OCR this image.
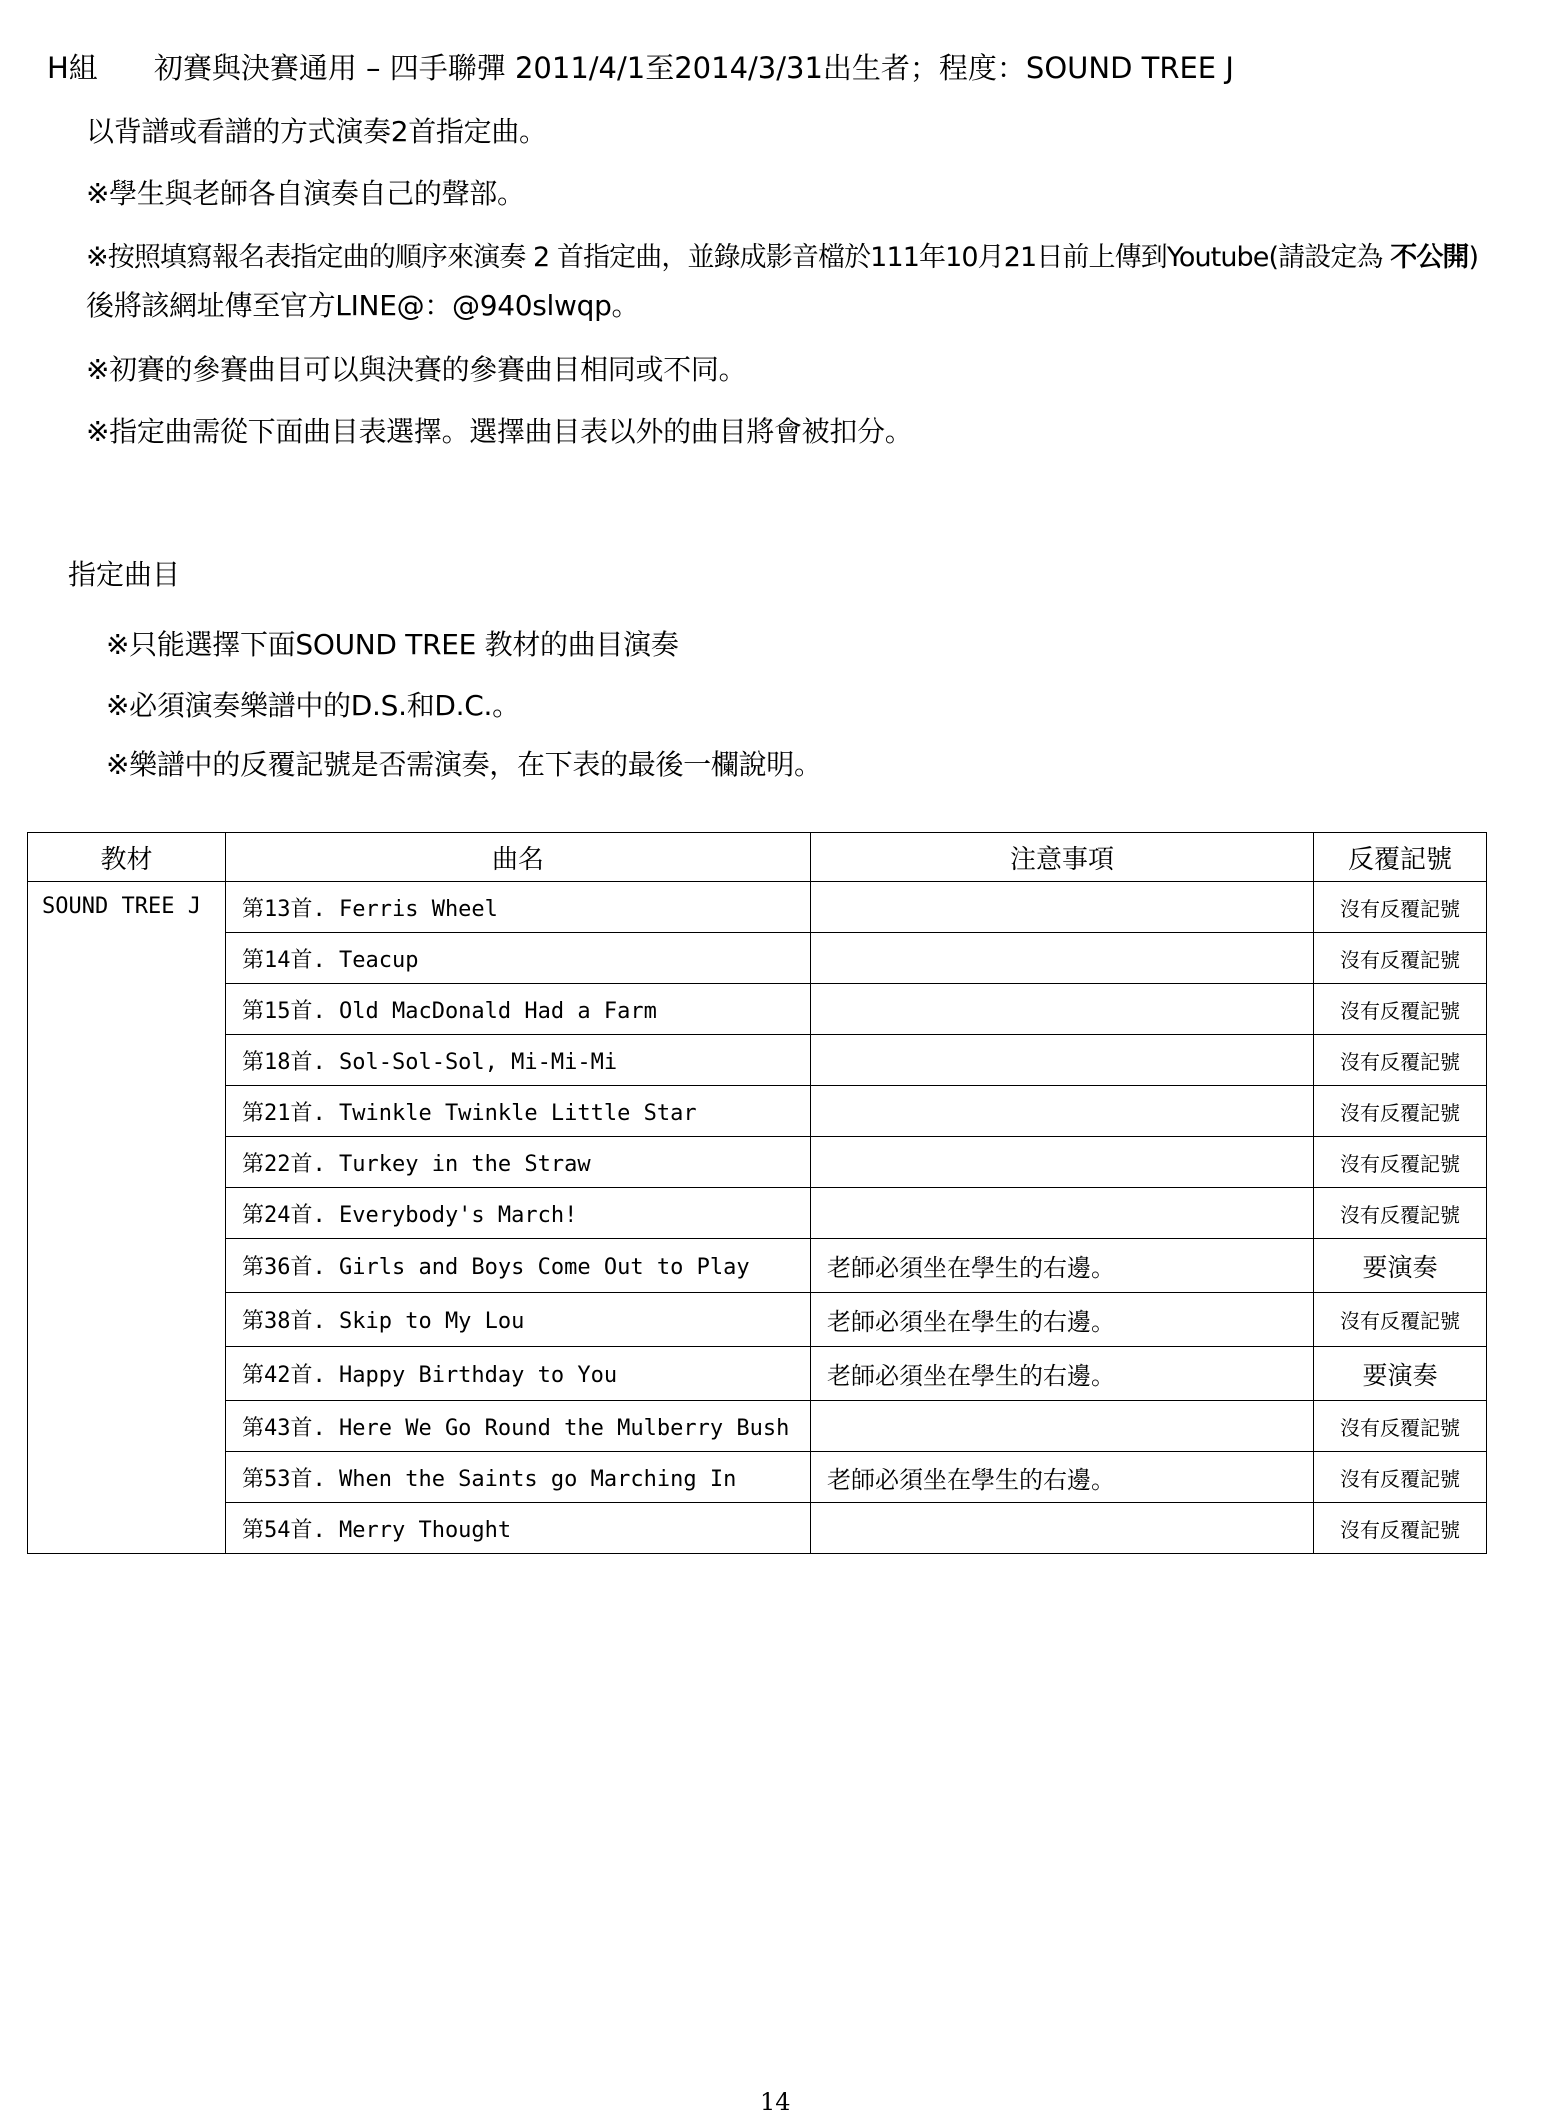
H組 初賽與決賽通用 – 四手聯彈 2011/4/1至2014/3/31出生者；程度：SOUND TREE J
以背譜或看譜的方式演奏2首指定曲。
※學生與老師各自演奏自己的聲部。
※按照填寫報名表指定曲的順序來演奏 2 首指定曲，並錄成影音檔於111年10月21日前上傳到Youtube(請設定為 不公開)
後將該網址傳至官方LINE@：@940slwqp。
※初賽的參賽曲目可以與決賽的參賽曲目相同或不同。
※指定曲需從下面曲目表選擇。選擇曲目表以外的曲目將會被扣分。
指定曲目
※只能選擇下面SOUND TREE 教材的曲目演奏
※必須演奏樂譜中的D.S.和D.C.。
※樂譜中的反覆記號是否需演奏，在下表的最後一欄說明。
教材	曲名	注意事項	反覆記號
SOUND TREE J	第13首. Ferris Wheel		沒有反覆記號
	第14首. Teacup		沒有反覆記號
	第15首. Old MacDonald Had a Farm		沒有反覆記號
	第18首. Sol-Sol-Sol, Mi-Mi-Mi		沒有反覆記號
	第21首. Twinkle Twinkle Little Star		沒有反覆記號
	第22首. Turkey in the Straw		沒有反覆記號
	第24首. Everybody's March!		沒有反覆記號
	第36首. Girls and Boys Come Out to Play	老師必須坐在學生的右邊。	要演奏
	第38首. Skip to My Lou	老師必須坐在學生的右邊。	沒有反覆記號
	第42首. Happy Birthday to You	老師必須坐在學生的右邊。	要演奏
	第43首. Here We Go Round the Mulberry Bush		沒有反覆記號
	第53首. When the Saints go Marching In	老師必須坐在學生的右邊。	沒有反覆記號
	第54首. Merry Thought		沒有反覆記號
14
